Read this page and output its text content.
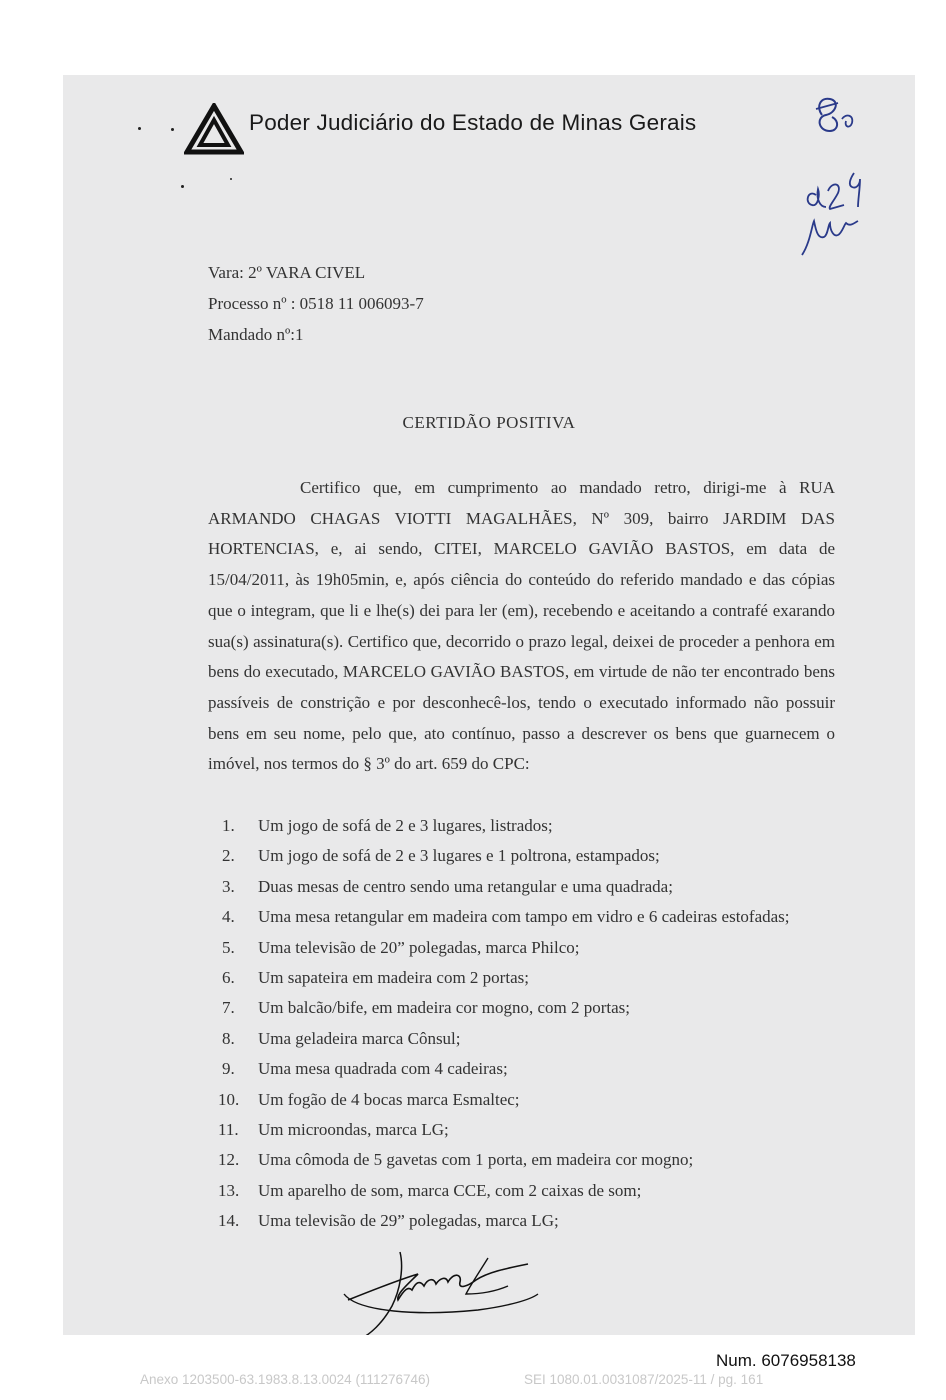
Poder Judiciário do Estado de Minas Gerais
Vara: 2º VARA CIVEL
Processo nº : 0518 11 006093-7
Mandado nº:1
CERTIDÃO POSITIVA
Certifico que, em cumprimento ao mandado retro, dirigi-me à RUA ARMANDO CHAGAS VIOTTI MAGALHÃES, Nº 309, bairro JARDIM DAS HORTENCIAS, e, ai sendo, CITEI, MARCELO GAVIÃO BASTOS, em data de 15/04/2011, às 19h05min, e, após ciência do conteúdo do referido mandado e das cópias que o integram, que li e lhe(s) dei para ler (em), recebendo e aceitando a contrafé exarando sua(s) assinatura(s). Certifico que, decorrido o prazo legal, deixei de proceder a penhora em bens do executado, MARCELO GAVIÃO BASTOS, em virtude de não ter encontrado bens passíveis de constrição e por desconhecê-los, tendo o executado informado não possuir bens em seu nome, pelo que, ato contínuo, passo a descrever os bens que guarnecem o imóvel, nos termos do § 3º do art. 659 do CPC:
1. Um jogo de sofá de 2 e 3 lugares, listrados;
2. Um jogo de sofá de 2 e 3 lugares e 1 poltrona, estampados;
3. Duas mesas de centro sendo uma retangular e uma quadrada;
4. Uma mesa retangular em madeira com tampo em vidro e 6 cadeiras estofadas;
5. Uma televisão de 20” polegadas, marca Philco;
6. Um sapateira em madeira com 2 portas;
7. Um balcão/bife, em madeira cor mogno, com 2 portas;
8. Uma geladeira marca Cônsul;
9. Uma mesa quadrada com 4 cadeiras;
10. Um fogão de 4 bocas marca Esmaltec;
11. Um microondas, marca LG;
12. Uma cômoda de 5 gavetas com 1 porta, em madeira cor mogno;
13. Um aparelho de som, marca CCE, com 2 caixas de som;
14. Uma televisão de 29” polegadas, marca LG;
Num. 6076958138
Anexo 1203500-63.1983.8.13.0024 (111276746)	SEI 1080.01.0031087/2025-11 / pg. 161
